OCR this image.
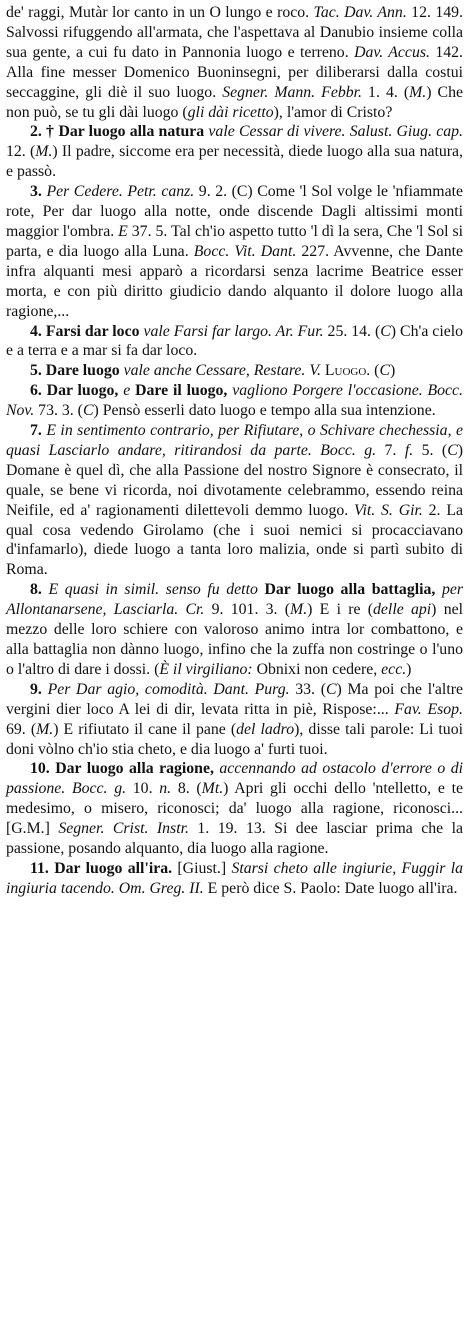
de' raggi, Mutàr lor canto in un O lungo e roco. Tac. Dav. Ann. 12. 149. Salvossi rifuggendo all'armata, che l'aspettava al Danubio insieme colla sua gente, a cui fu dato in Pannonia luogo e terreno. Dav. Accus. 142. Alla fine messer Domenico Buoninsegni, per diliberarsi dalla costui seccaggine, gli diè il suo luogo. Segner. Mann. Febbr. 1. 4. (M.) Che non può, se tu gli dài luogo (gli dài ricetto), l'amor di Cristo?

2. † Dar luogo alla natura vale Cessar di vivere. Salust. Giug. cap. 12. (M.) Il padre, siccome era per necessità, diede luogo alla sua natura, e passò.

3. Per Cedere. Petr. canz. 9. 2. (C) Come 'l Sol volge le 'nfiammate rote, Per dar luogo alla notte, onde discende Dagli altissimi monti maggior l'ombra. E 37. 5. Tal ch'io aspetto tutto 'l dì la sera, Che 'l Sol si parta, e dia luogo alla Luna. Bocc. Vit. Dant. 227. Avvenne, che Dante infra alquanti mesi apparò a ricordarsi senza lacrime Beatrice esser morta, e con più diritto giudicio dando alquanto il dolore luogo alla ragione,...

4. Farsi dar loco vale Farsi far largo. Ar. Fur. 25. 14. (C) Ch'a cielo e a terra e a mar si fa dar loco.

5. Dare luogo vale anche Cessare, Restare. V. Luogo. (C)

6. Dar luogo, e Dare il luogo, vagliono Porgere l'occasione. Bocc. Nov. 73. 3. (C) Pensò esserli dato luogo e tempo alla sua intenzione.

7. E in sentimento contrario, per Rifiutare, o Schivare chechessia, e quasi Lasciarlo andare, ritirandosi da parte. Bocc. g. 7. f. 5. (C) Domane è quel dì, che alla Passione del nostro Signore è consecrato, il quale, se bene vi ricorda, noi divotamente celebrammo, essendo reina Neifile, ed a' ragionamenti dilettevoli demmo luogo. Vit. S. Gir. 2. La qual cosa vedendo Girolamo (che i suoi nemici si procacciavano d'infamarlo), diede luogo a tanta loro malizia, onde si partì subito di Roma.

8. E quasi in simil. senso fu detto Dar luogo alla battaglia, per Allontanarsene, Lasciarla. Cr. 9. 101. 3. (M.) E i re (delle api) nel mezzo delle loro schiere con valoroso animo intra lor combattono, e alla battaglia non dànno luogo, infino che la zuffa non costringe o l'uno o l'altro di dare i dossi. (È il virgiliano: Obnixi non cedere, ecc.)

9. Per Dar agio, comodità. Dant. Purg. 33. (C) Ma poi che l'altre vergini dier loco A lei di dir, levata ritta in piè, Rispose:... Fav. Esop. 69. (M.) E rifiutato il cane il pane (del ladro), disse tali parole: Li tuoi doni vòlno ch'io stia cheto, e dia luogo a' furti tuoi.

10. Dar luogo alla ragione, accennando ad ostacolo d'errore o di passione. Bocc. g. 10. n. 8. (Mt.) Apri gli occhi dello 'ntelletto, e te medesimo, o misero, riconosci; da' luogo alla ragione, riconosci... [G.M.] Segner. Crist. Instr. 1. 19. 13. Si dee lasciar prima che la passione, posando alquanto, dia luogo alla ragione.

11. Dar luogo all'ira. [Giust.] Starsi cheto alle ingiurie, Fuggir la ingiuria tacendo. Om. Greg. II. E però dice S. Paolo: Date luogo all'ira.
